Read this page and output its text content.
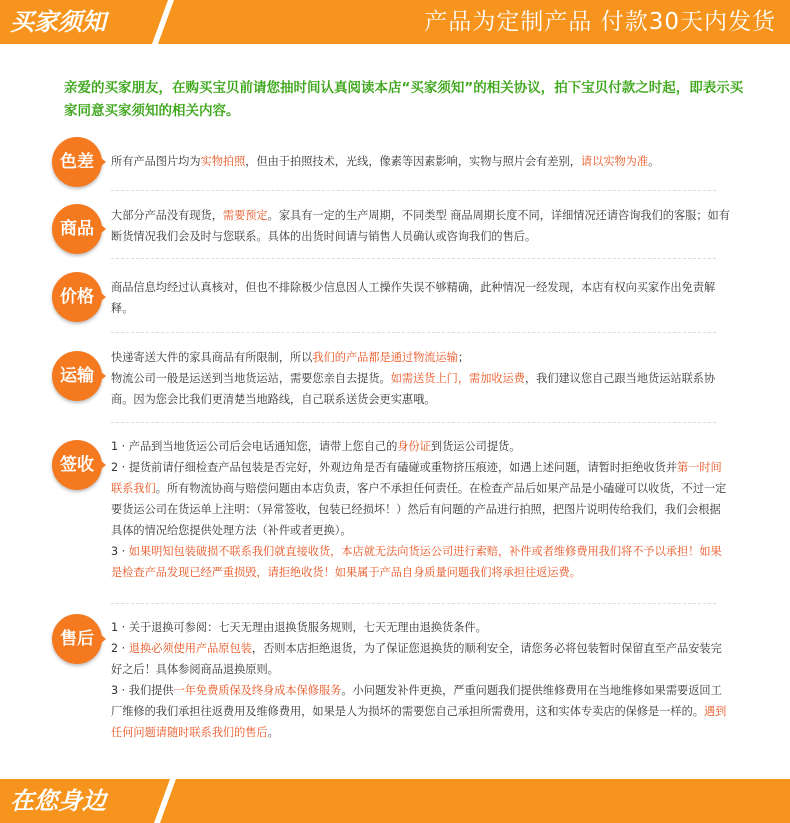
买家须知	产品为定制产品 付款30天内发货
亲爱的买家朋友，在购买宝贝前请您抽时间认真阅读本店“买家须知”的相关协议，拍下宝贝付款之时起，即表示买家同意买家须知的相关内容。
色差	所有产品图片均为实物拍照，但由于拍照技术，光线，像素等因素影响，实物与照片会有差别，请以实物为准。

商品

大部分产品没有现货，需要预定。家具有一定的生产周期，不同类型 商品周期长度不同，详细情况还请咨询我们的客服；如有断货情况我们会及时与您联系。具体的出货时间请与销售人员确认或咨询我们的售后。

价格	商品信息均经过认真核对，但也不排除极少信息因人工操作失误不够精确，此种情况一经发现，本店有权向买家作出免责解释。

运输

快递寄送大件的家具商品有所限制，所以我们的产品都是通过物流运输；

物流公司一般是运送到当地货运站，需要您亲自去提货。如需送货上门，需加收运费，我们建议您自己跟当地货运站联系协商。因为您会比我们更清楚当地路线，自己联系送货会更实惠哦。

签收

1 · 产品到当地货运公司后会电话通知您，请带上您自己的身份证到货运公司提货。

2 · 提货前请仔细检查产品包装是否完好，外观边角是否有磕碰或重物挤压痕迹，如遇上述问题，请暂时拒绝收货并第一时间联系我们。所有物流协商与赔偿问题由本店负责，客户不承担任何责任。在检查产品后如果产品是小磕碰可以收货，不过一定要货运公司在货运单上注明：（异常签收，包装已经损坏！）然后有问题的产品进行拍照，把图片说明传给我们，我们会根据具体的情况给您提供处理方法（补件或者更换）。

3 · 如果明知包装破损不联系我们就直接收货，本店就无法向货运公司进行索赔，补件或者维修费用我们将不予以承担！如果是检查产品发现已经严重损毁，请拒绝收货！如果属于产品自身质量问题我们将承担往返运费。

售后

1 · 关于退换可参阅：七天无理由退换货服务规则，七天无理由退换货条件。

2 · 退换必须使用产品原包装，否则本店拒绝退货，为了保证您退换货的顺利安全，请您务必将包装暂时保留直至产品安装完好之后！具体参阅商品退换原则。

3 · 我们提供一年免费质保及终身成本保修服务。小问题发补件更换，严重问题我们提供维修费用在当地维修如果需要返回工厂维修的我们承担往返费用及维修费用，如果是人为损坏的需要您自己承担所需费用，这和实体专卖店的保修是一样的。遇到任何问题请随时联系我们的售后。

在您身边
